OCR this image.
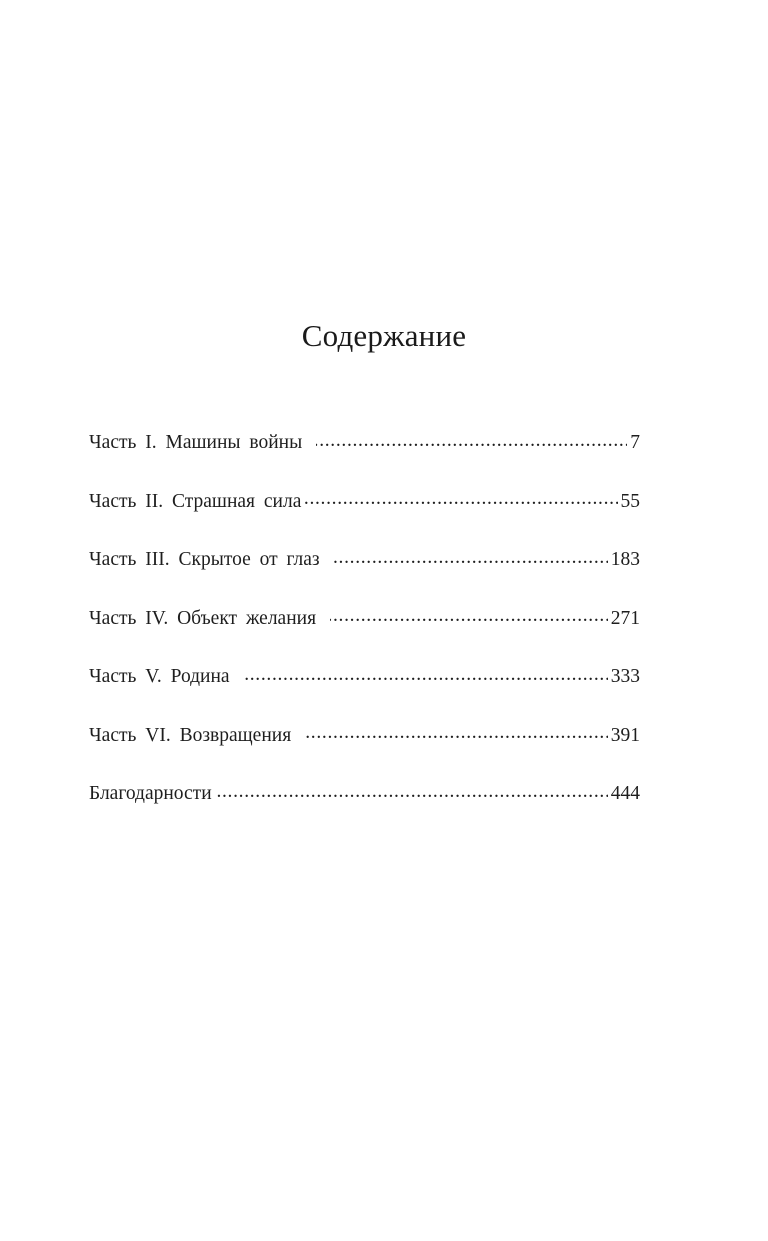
Содержание
Часть I. Машины войны . . .	7
Часть II. Страшная сила . . .	55
Часть III. Скрытое от глаз . . .	183
Часть IV. Объект желания . . .	271
Часть V. Родина . . .	333
Часть VI. Возвращения . . .	391
Благодарности . . .	444
